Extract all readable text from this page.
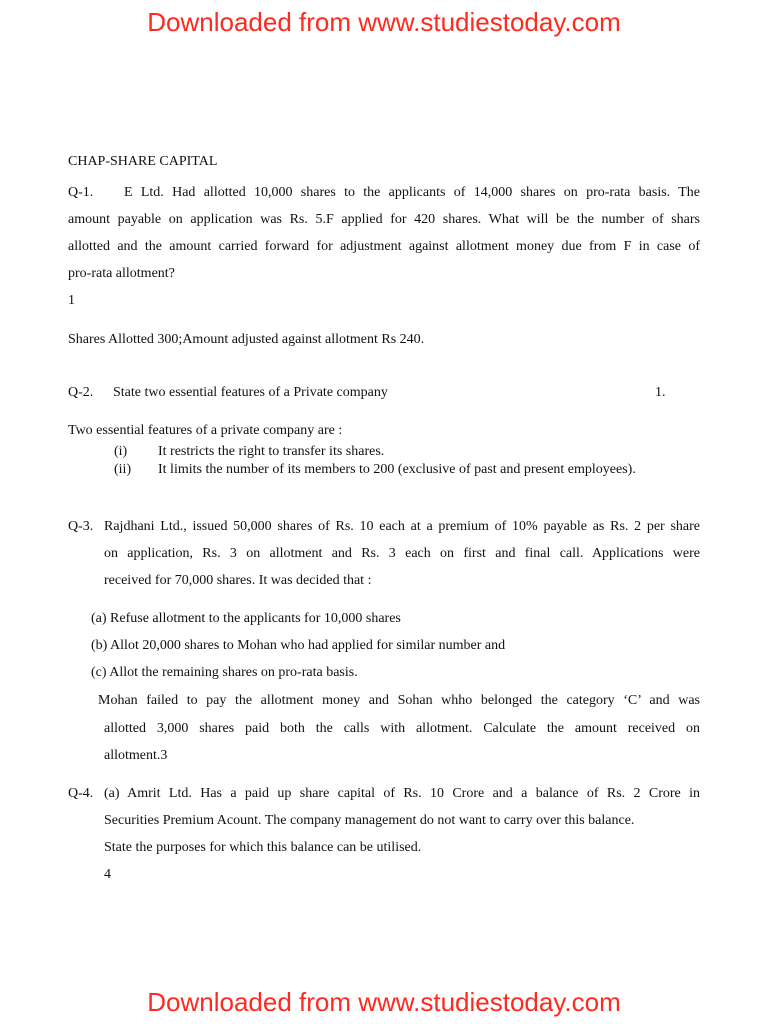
Downloaded from www.studiestoday.com
CHAP-SHARE CAPITAL
Q-1. E Ltd. Had allotted 10,000 shares to the applicants of 14,000 shares on pro-rata basis. The
amount payable on application was Rs. 5.F applied for 420 shares. What will be the number of shars
allotted and the amount carried forward for adjustment against allotment money due from F in case of
pro-rata allotment?
1
Shares Allotted 300;Amount adjusted against allotment Rs 240.
Q-2. State two essential features of a Private company	1.
Two essential features of a private company are :
(i) It restricts the right to transfer its shares.
(ii) It limits the number of its members to 200 (exclusive of past and present employees).
Q-3. Rajdhani Ltd., issued 50,000 shares of Rs. 10 each at a premium of 10% payable as Rs. 2 per share
on application, Rs. 3 on allotment and Rs. 3 each on first and final call. Applications were
received for 70,000 shares. It was decided that :
(a) Refuse allotment to the applicants for 10,000 shares
(b) Allot 20,000 shares to Mohan who had applied for similar number and
(c) Allot the remaining shares on pro-rata basis.
Mohan failed to pay the allotment money and Sohan whho belonged the category ‘C’ and was
allotted 3,000 shares paid both the calls with allotment. Calculate the amount received on
allotment.3
Q-4. (a) Amrit Ltd. Has a paid up share capital of Rs. 10 Crore and a balance of Rs. 2 Crore in
Securities Premium Acount. The company management do not want to carry over this balance.
State the purposes for which this balance can be utilised.
4
Downloaded from www.studiestoday.com
